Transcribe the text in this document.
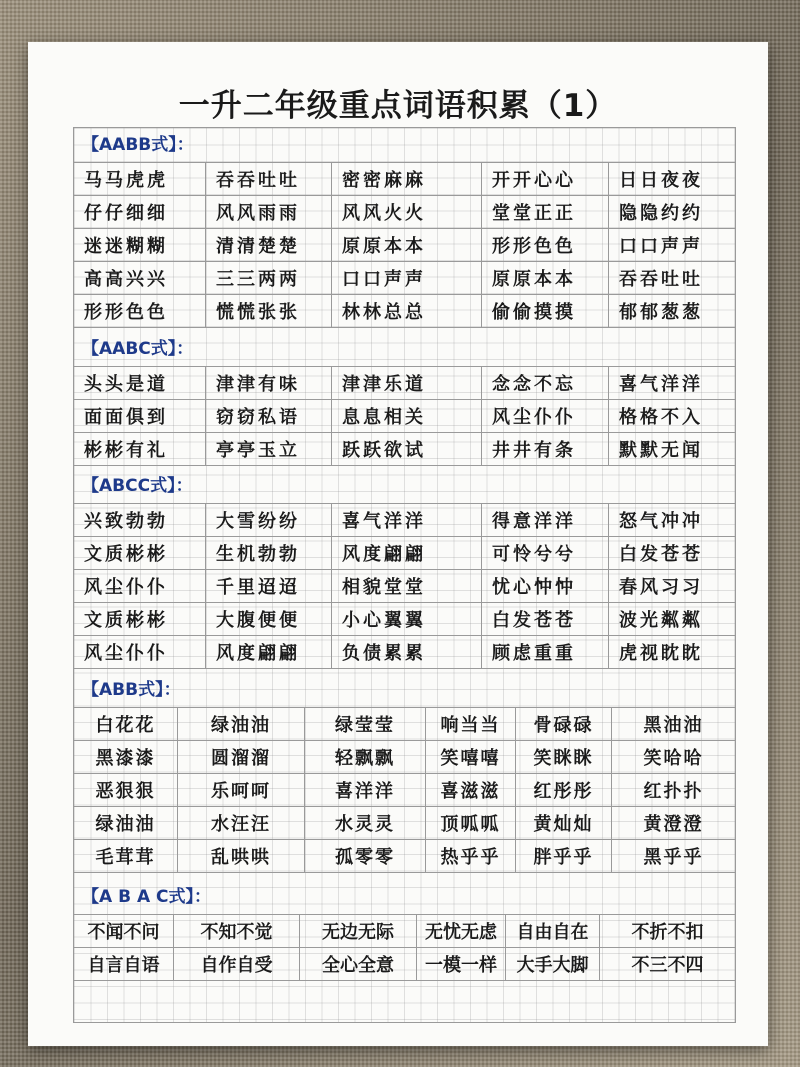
一升二年级重点词语积累（1）
【AABB式】：
马马虎虎	吞吞吐吐	密密麻麻	开开心心	日日夜夜
仔仔细细	风风雨雨	风风火火	堂堂正正	隐隐约约
迷迷糊糊	清清楚楚	原原本本	形形色色	口口声声
高高兴兴	三三两两	口口声声	原原本本	吞吞吐吐
形形色色	慌慌张张	林林总总	偷偷摸摸	郁郁葱葱
【AABC式】：
头头是道	津津有味	津津乐道	念念不忘	喜气洋洋
面面俱到	窃窃私语	息息相关	风尘仆仆	格格不入
彬彬有礼	亭亭玉立	跃跃欲试	井井有条	默默无闻
【ABCC式】：
兴致勃勃	大雪纷纷	喜气洋洋	得意洋洋	怒气冲冲
文质彬彬	生机勃勃	风度翩翩	可怜兮兮	白发苍苍
风尘仆仆	千里迢迢	相貌堂堂	忧心忡忡	春风习习
文质彬彬	大腹便便	小心翼翼	白发苍苍	波光粼粼
风尘仆仆	风度翩翩	负债累累	顾虑重重	虎视眈眈
【ABB式】：
白花花	绿油油	绿莹莹	响当当	骨碌碌	黑油油
黑漆漆	圆溜溜	轻飘飘	笑嘻嘻	笑眯眯	笑哈哈
恶狠狠	乐呵呵	喜洋洋	喜滋滋	红彤彤	红扑扑
绿油油	水汪汪	水灵灵	顶呱呱	黄灿灿	黄澄澄
毛茸茸	乱哄哄	孤零零	热乎乎	胖乎乎	黑乎乎
【A B A C式】：
不闻不问	不知不觉	无边无际	无忧无虑	自由自在	不折不扣
自言自语	自作自受	全心全意	一模一样	大手大脚	不三不四
